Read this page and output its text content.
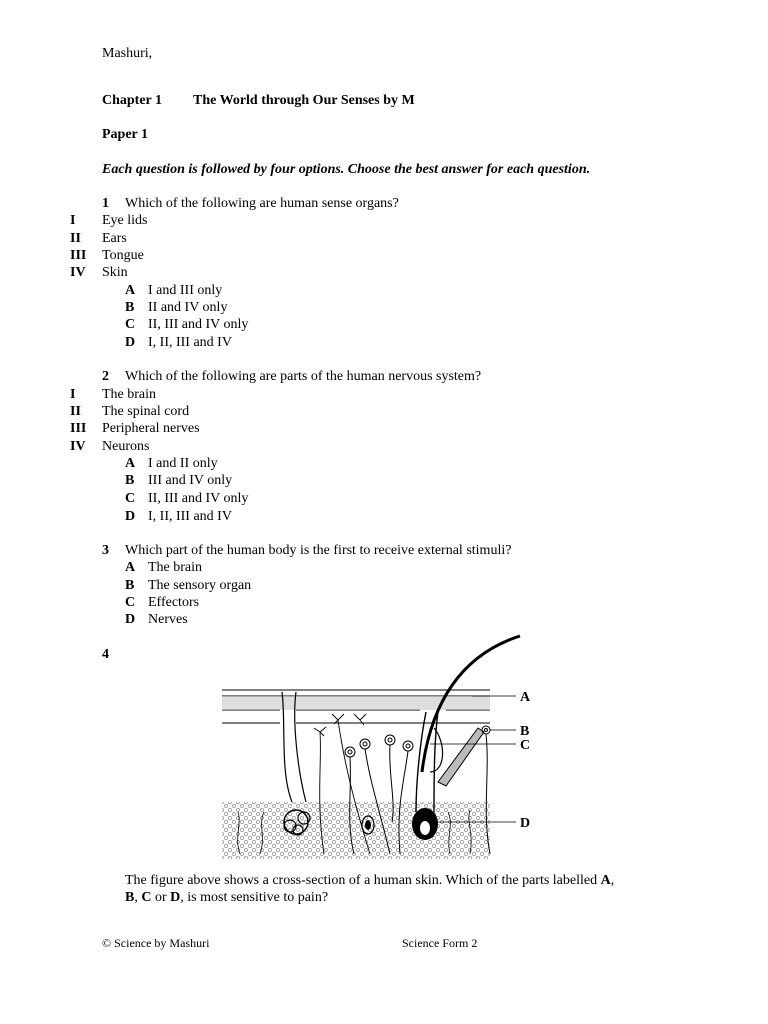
Mashuri,
Chapter 1 The World through Our Senses by M
Paper 1
Each question is followed by four options. Choose the best answer for each question.
1 Which of the following are human sense organs?
I Eye lids
II Ears
III Tongue
IV Skin
A I and III only
B II and IV only
C II, III and IV only
D I, II, III and IV
2 Which of the following are parts of the human nervous system?
I The brain
II The spinal cord
III Peripheral nerves
IV Neurons
A I and II only
B III and IV only
C II, III and IV only
D I, II, III and IV
3 Which part of the human body is the first to receive external stimuli?
A The brain
B The sensory organ
C Effectors
D Nerves
4
A
B
C
D
The figure above shows a cross-section of a human skin. Which of the parts labelled A,
B, C or D, is most sensitive to pain?
© Science by Mashuri	Science Form 2
